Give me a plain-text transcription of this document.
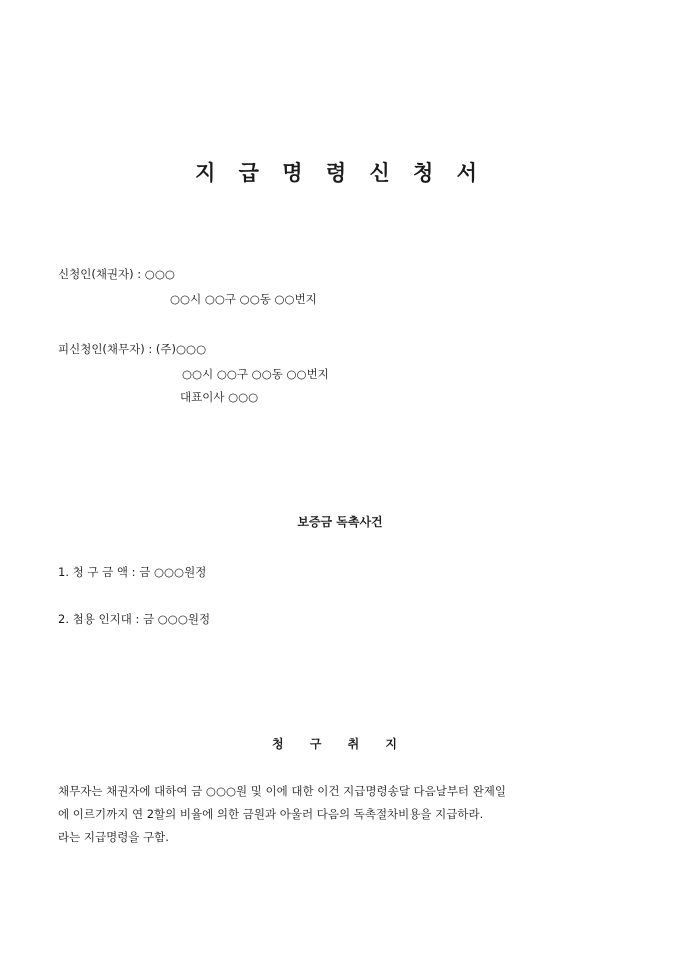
지 급 명 령 신 청 서
신청인(채권자) : ○○○
○○시 ○○구 ○○동 ○○번지
피신청인(채무자) : (주)○○○
○○시 ○○구 ○○동 ○○번지
대표이사 ○○○
보증금 독촉사건
1. 청 구 금 액 : 금 ○○○원정
2. 첨용 인지대 : 금 ○○○원정
청 구 취 지
채무자는 채권자에 대하여 금 ○○○원 및 이에 대한 이건 지급명령송달 다음날부터 완제일
에 이르기까지 연 2할의 비율에 의한 금원과 아울러 다음의 독촉절차비용을 지급하라.
라는 지급명령을 구함.
